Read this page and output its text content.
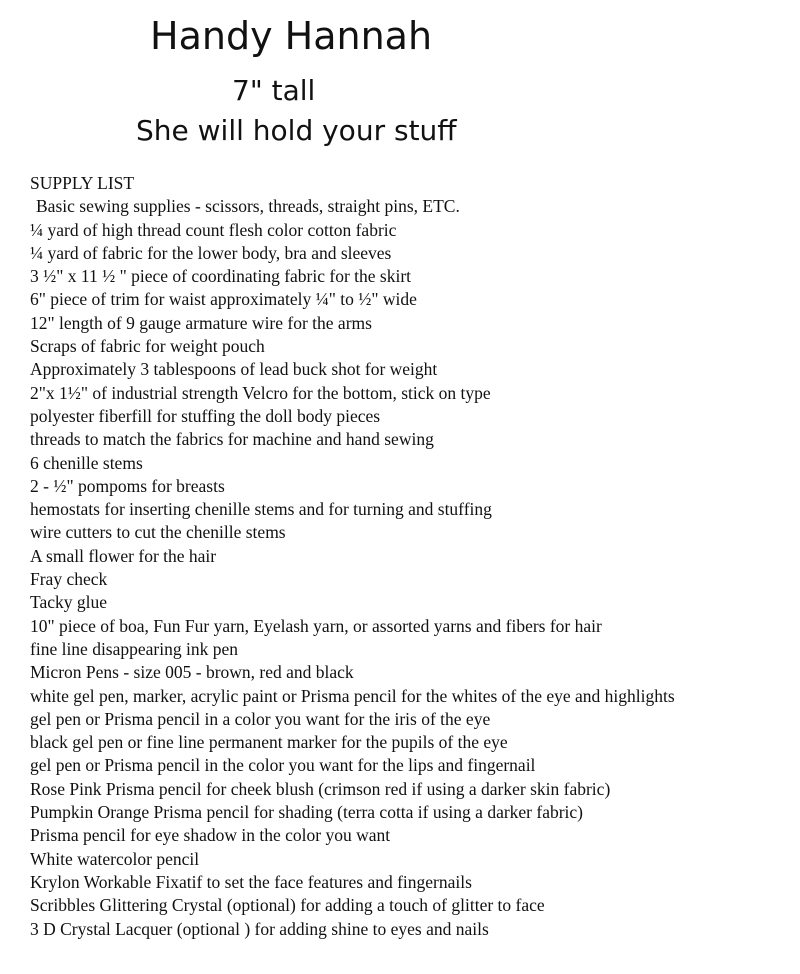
Handy Hannah
7" tall
She will hold your stuff
SUPPLY LIST
Basic sewing supplies - scissors, threads, straight pins, ETC.
¼ yard of high thread count flesh color cotton fabric
¼ yard of fabric for the lower body, bra and sleeves
3 ½" x 11 ½ " piece of coordinating fabric for the skirt
6" piece of trim for waist approximately ¼" to ½" wide
12" length of 9 gauge armature wire for the arms
Scraps of fabric for weight pouch
Approximately 3 tablespoons of lead buck shot for weight
2"x 1½" of industrial strength Velcro for the bottom, stick on type
polyester fiberfill for stuffing the doll body pieces
threads to match the fabrics for machine and hand sewing
6 chenille stems
2 - ½" pompoms for breasts
hemostats for inserting chenille stems and for turning and stuffing
wire cutters to cut the chenille stems
A small flower for the hair
Fray check
Tacky glue
10" piece of boa, Fun Fur yarn, Eyelash yarn, or assorted yarns and fibers for hair
fine line disappearing ink pen
Micron Pens - size 005 - brown, red and black
white gel pen, marker, acrylic paint or Prisma pencil for the whites of the eye and highlights
gel pen or Prisma pencil in a color you want for the iris of the eye
black gel pen or fine line permanent marker for the pupils of the eye
gel pen or Prisma pencil in the color you want for the lips and fingernail
Rose Pink Prisma pencil for cheek blush (crimson red if using a darker skin fabric)
Pumpkin Orange Prisma pencil for shading (terra cotta if using a darker fabric)
Prisma pencil for eye shadow in the color you want
White watercolor pencil
Krylon Workable Fixatif to set the face features and fingernails
Scribbles Glittering Crystal (optional) for adding a touch of glitter to face
3 D Crystal Lacquer (optional ) for adding shine to eyes and nails
